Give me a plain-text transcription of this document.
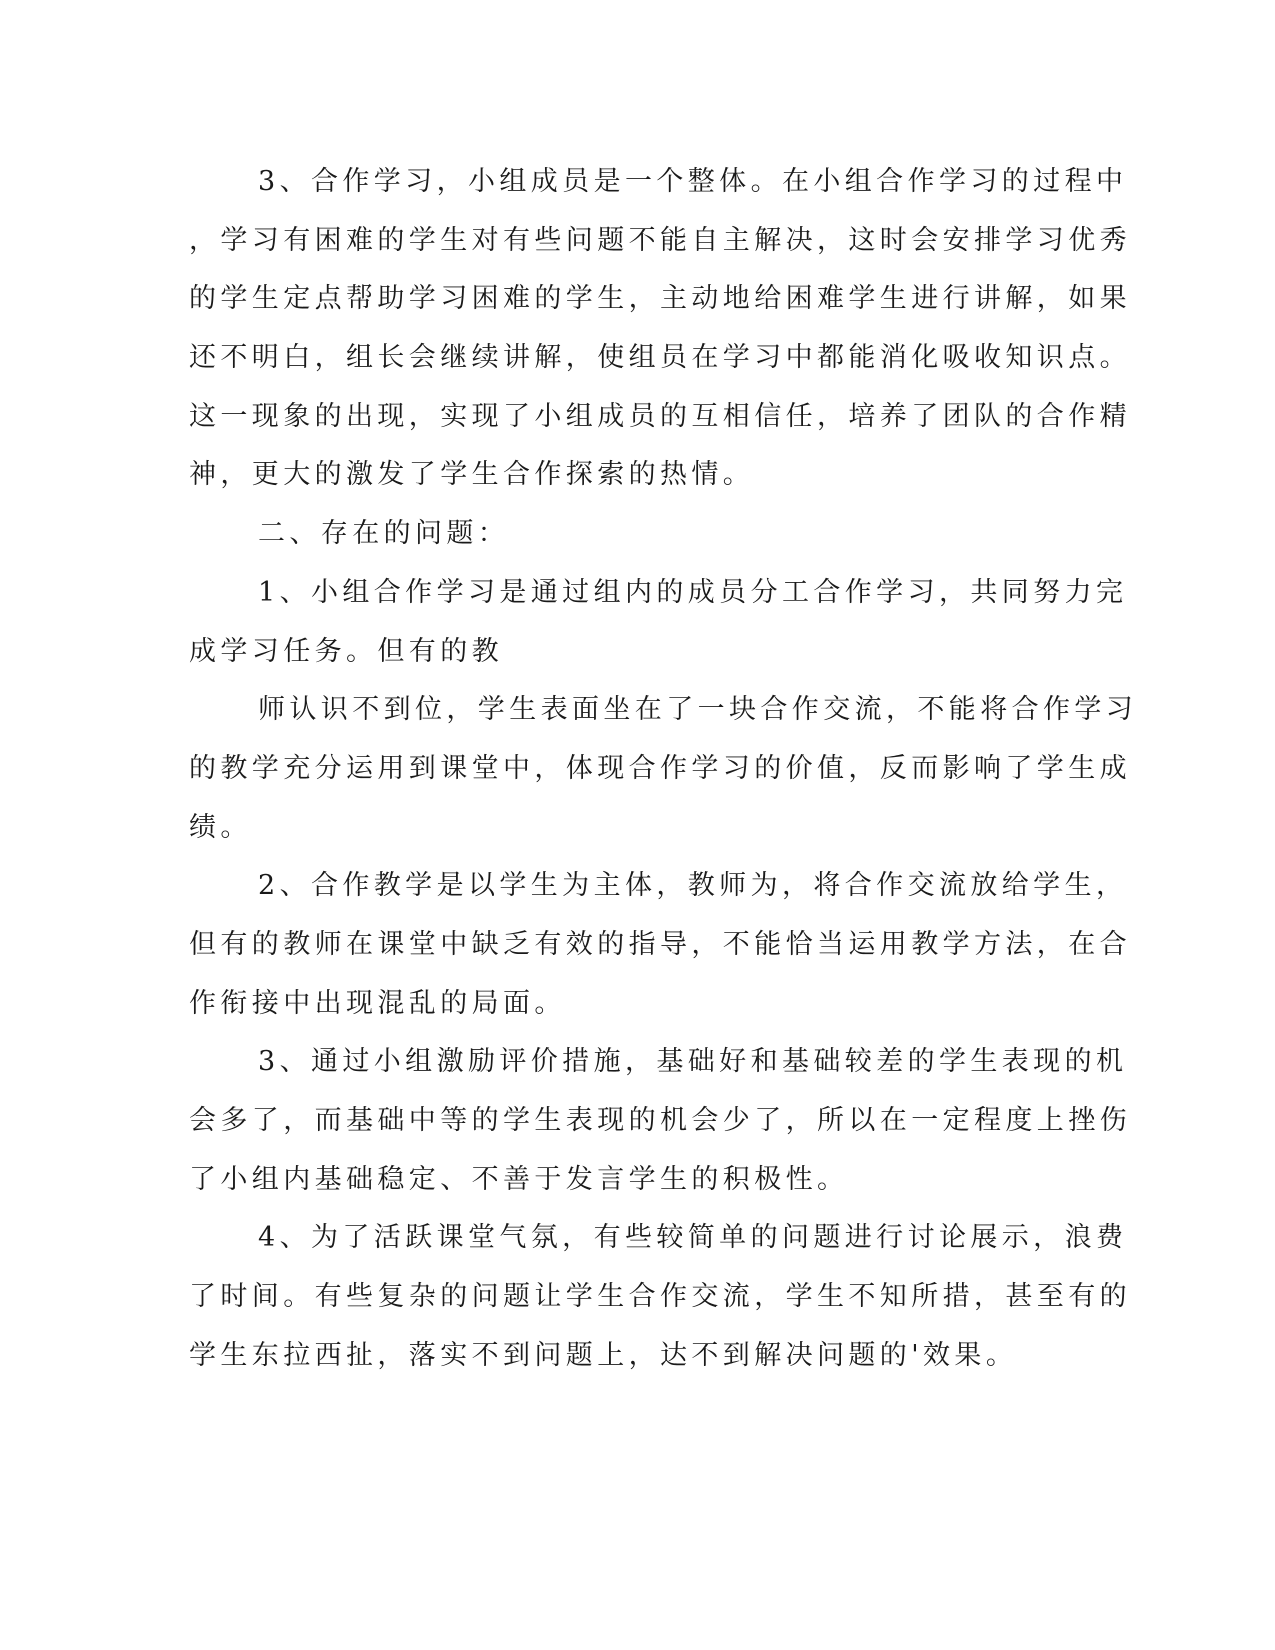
3、合作学习，小组成员是一个整体。在小组合作学习的过程中

，学习有困难的学生对有些问题不能自主解决，这时会安排学习优秀

的学生定点帮助学习困难的学生，主动地给困难学生进行讲解，如果

还不明白，组长会继续讲解，使组员在学习中都能消化吸收知识点。

这一现象的出现，实现了小组成员的互相信任，培养了团队的合作精

神，更大的激发了学生合作探索的热情。

二、存在的问题：

1、小组合作学习是通过组内的成员分工合作学习，共同努力完

成学习任务。但有的教

师认识不到位，学生表面坐在了一块合作交流，不能将合作学习

的教学充分运用到课堂中，体现合作学习的价值，反而影响了学生成

绩。

2、合作教学是以学生为主体，教师为，将合作交流放给学生，

但有的教师在课堂中缺乏有效的指导，不能恰当运用教学方法，在合

作衔接中出现混乱的局面。

3、通过小组激励评价措施，基础好和基础较差的学生表现的机

会多了，而基础中等的学生表现的机会少了，所以在一定程度上挫伤

了小组内基础稳定、不善于发言学生的积极性。

4、为了活跃课堂气氛，有些较简单的问题进行讨论展示，浪费

了时间。有些复杂的问题让学生合作交流，学生不知所措，甚至有的

学生东拉西扯，落实不到问题上，达不到解决问题的'效果。
